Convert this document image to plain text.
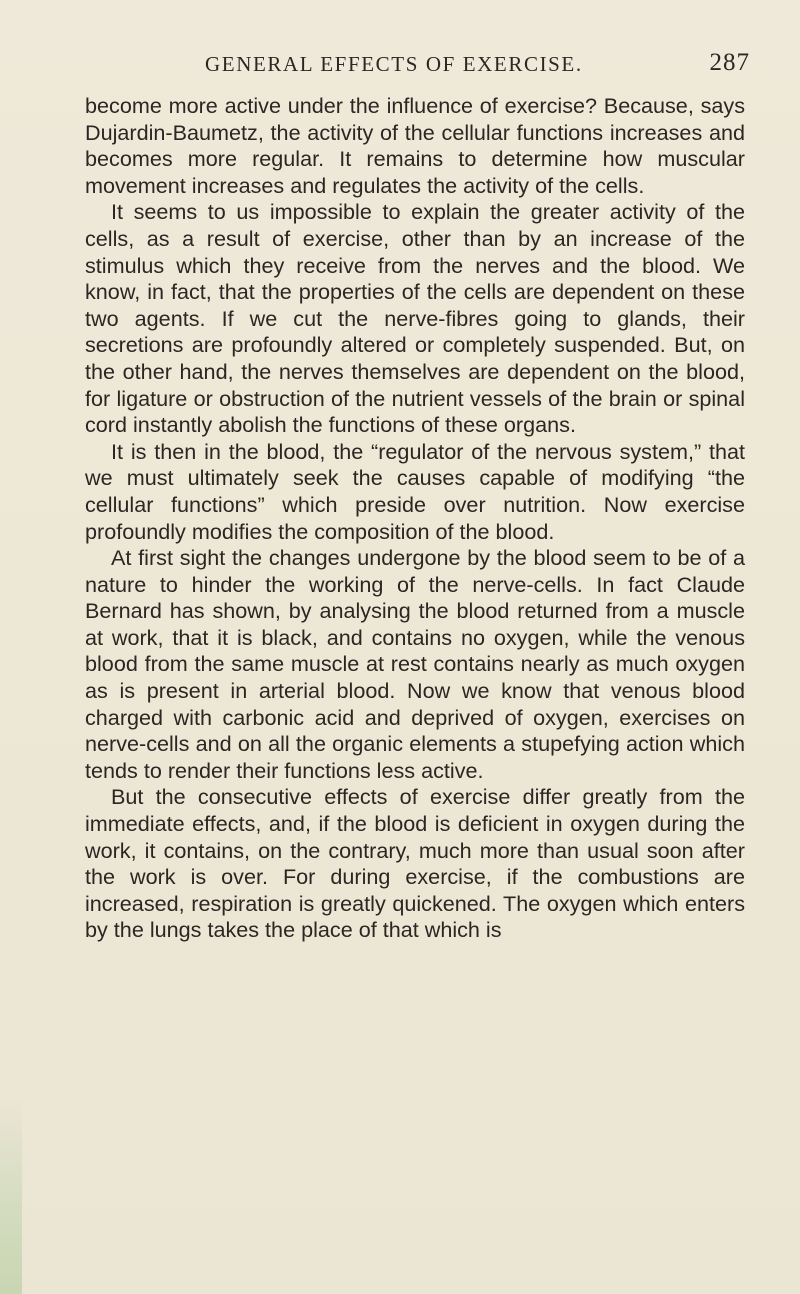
GENERAL EFFECTS OF EXERCISE.	287

become more active under the influence of exercise? Because, says Dujardin-Baumetz, the activity of the cellular functions increases and becomes more regular. It remains to determine how muscular movement increases and regulates the activity of the cells.

It seems to us impossible to explain the greater activity of the cells, as a result of exercise, other than by an increase of the stimulus which they receive from the nerves and the blood. We know, in fact, that the properties of the cells are dependent on these two agents. If we cut the nerve-fibres going to glands, their secretions are profoundly altered or completely suspended. But, on the other hand, the nerves themselves are dependent on the blood, for ligature or obstruction of the nutrient vessels of the brain or spinal cord instantly abolish the functions of these organs.

It is then in the blood, the “regulator of the nervous system,” that we must ultimately seek the causes capable of modifying “the cellular functions” which preside over nutrition. Now exercise profoundly modifies the composition of the blood.

At first sight the changes undergone by the blood seem to be of a nature to hinder the working of the nerve-cells. In fact Claude Bernard has shown, by analysing the blood returned from a muscle at work, that it is black, and contains no oxygen, while the venous blood from the same muscle at rest contains nearly as much oxygen as is present in arterial blood. Now we know that venous blood charged with carbonic acid and deprived of oxygen, exercises on nerve-cells and on all the organic elements a stupefying action which tends to render their functions less active.

But the consecutive effects of exercise differ greatly from the immediate effects, and, if the blood is deficient in oxygen during the work, it contains, on the contrary, much more than usual soon after the work is over. For during exercise, if the combustions are increased, respiration is greatly quickened. The oxygen which enters by the lungs takes the place of that which is
